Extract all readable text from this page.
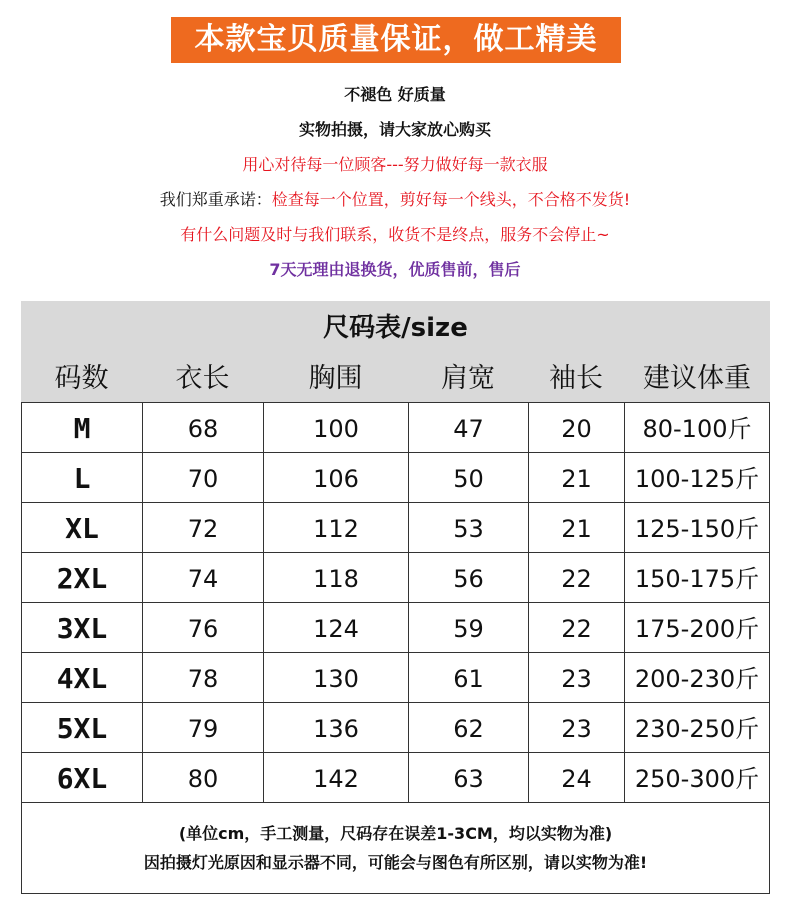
本款宝贝质量保证，做工精美
不褪色 好质量
实物拍摄，请大家放心购买
用心对待每一位顾客---努力做好每一款衣服
我们郑重承诺：检查每一个位置，剪好每一个线头，不合格不发货!
有什么问题及时与我们联系，收货不是终点，服务不会停止~
7天无理由退换货，优质售前，售后
尺码表/size
码数	衣长	胸围	肩宽	袖长	建议体重
M	68	100	47	20	80-100斤
L	70	106	50	21	100-125斤
XL	72	112	53	21	125-150斤
2XL	74	118	56	22	150-175斤
3XL	76	124	59	22	175-200斤
4XL	78	130	61	23	200-230斤
5XL	79	136	62	23	230-250斤
6XL	80	142	63	24	250-300斤
(单位cm，手工测量，尺码存在误差1-3CM，均以实物为准)
因拍摄灯光原因和显示器不同，可能会与图色有所区别，请以实物为准!
